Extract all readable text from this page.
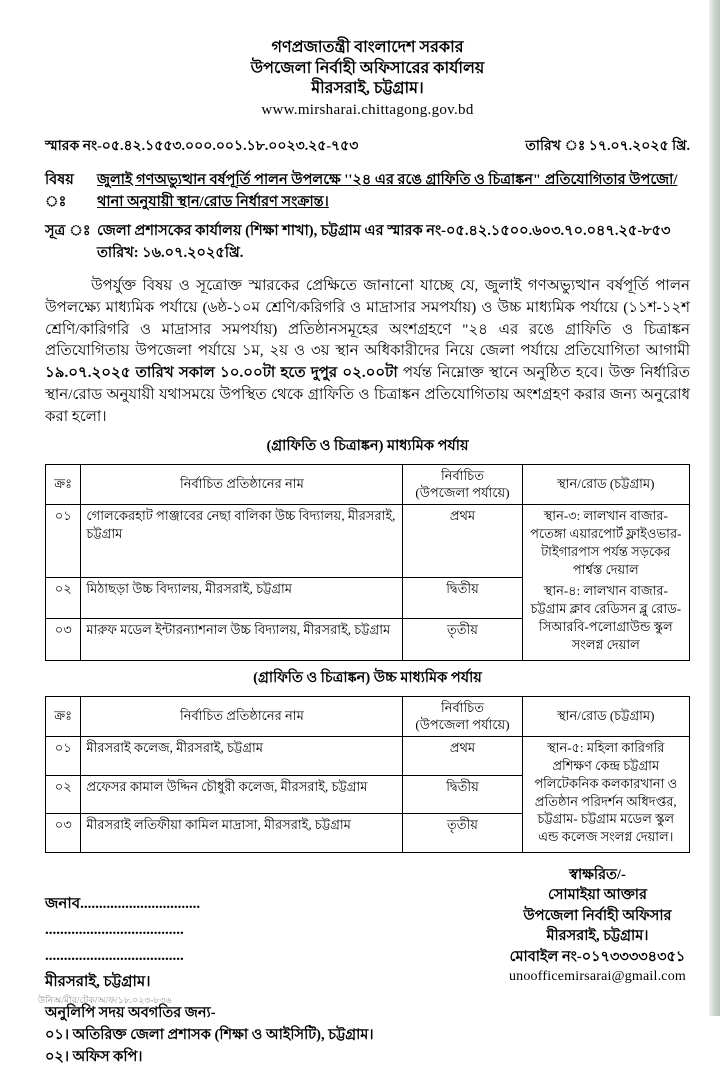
গণপ্রজাতন্ত্রী বাংলাদেশ সরকার
উপজেলা নির্বাহী অফিসারের কার্যালয়
মীরসরাই, চট্টগ্রাম।
www.mirsharai.chittagong.gov.bd
স্মারক নং-০৫.৪২.১৫৫৩.০০০.০০১.১৮.০০২৩.২৫-৭৫৩	তারিখ ঃ ১৭.০৭.২০২৫ খ্রি.
বিষয় ঃ
জুলাই গণঅভ্যুত্থান বর্ষপূর্তি পালন উপলক্ষে ''২৪ এর রঙে গ্রাফিতি ও চিত্রাঙ্কন" প্রতিযোগিতার উপজো/থানা অনুযায়ী স্থান/রোড নির্ধারণ সংক্রান্ত।
সূত্র ঃ জেলা প্রশাসকের কার্যালয় (শিক্ষা শাখা), চট্টগ্রাম এর স্মারক নং-০৫.৪২.১৫০০.৬০৩.৭০.০৪৭.২৫-৮৫৩
তারিখ: ১৬.০৭.২০২৫খ্রি.

উপর্যুক্ত বিষয় ও সূত্রোক্ত স্মারকের প্রেক্ষিতে জানানো যাচ্ছে যে, জুলাই গণঅভ্যুত্থান বর্ষপূর্তি পালন উপলক্ষ্যে মাধ্যমিক পর্যায়ে (৬ষ্ঠ-১০ম শ্রেণি/করিগরি ও মাদ্রাসার সমপর্যায়) ও উচ্চ মাধ্যমিক পর্যায়ে (১১শ-১২শ শ্রেণি/কারিগরি ও মাদ্রাসার সমপর্যায়) প্রতিষ্ঠানসমূহের অংশগ্রহণে "২৪ এর রঙে গ্রাফিতি ও চিত্রাঙ্কন প্রতিযোগিতায় উপজেলা পর্যায়ে ১ম, ২য় ও ৩য় স্থান অধিকারীদের নিয়ে জেলা পর্যায়ে প্রতিযোগিতা আগামী ১৯.০৭.২০২৫ তারিখ সকাল ১০.০০টা হতে দুপুর ০২.০০টা পর্যন্ত নিম্নোক্ত স্থানে অনুষ্ঠিত হবে। উক্ত নির্ধারিত স্থান/রোড অনুযায়ী যথাসময়ে উপস্থিত থেকে গ্রাফিতি ও চিত্রাঙ্কন প্রতিযোগিতায় অংশগ্রহণ করার জন্য অনুরোধ করা হলো।

(গ্রাফিতি ও চিত্রাঙ্কন) মাধ্যমিক পর্যায়
ক্রঃ	নির্বাচিত প্রতিষ্ঠানের নাম	নির্বাচিত
(উপজেলা পর্যায়ে)	স্থান/রোড (চট্টগ্রাম)
০১	গোলকেরহাট পাঞ্জাবের নেছা বালিকা উচ্চ বিদ্যালয়, মীরসরাই, চট্টগ্রাম	প্রথম	স্থান-৩: লালখান বাজার-পতেঙ্গা এয়ারপোর্ট ফ্লাইওভার-টাইগারপাস পর্যন্ত সড়কের পার্শ্বস্ত দেয়াল

স্থান-৪: লালখান বাজার-চট্টগ্রাম ক্লাব রেডিসন ব্লু রোড-সিআরবি-পলোগ্রাউন্ড স্কুল সংলগ্ন দেয়াল

০২	মিঠাছড়া উচ্চ বিদ্যালয়, মীরসরাই, চট্টগ্রাম	দ্বিতীয়	
০৩	মারুফ মডেল ইন্টারন্যাশনাল উচ্চ বিদ্যালয়, মীরসরাই, চট্টগ্রাম	তৃতীয়	
(গ্রাফিতি ও চিত্রাঙ্কন) উচ্চ মাধ্যমিক পর্যায়
ক্রঃ	নির্বাচিত প্রতিষ্ঠানের নাম	নির্বাচিত
(উপজেলা পর্যায়ে)	স্থান/রোড (চট্টগ্রাম)
০১	মীরসরাই কলেজ, মীরসরাই, চট্টগ্রাম	প্রথম	স্থান-৫: মহিলা কারিগরি প্রশিক্ষণ কেন্দ্র চট্টগ্রাম পলিটেকনিক কলকারখানা ও প্রতিষ্ঠান পরিদর্শন অধিদপ্তর, চট্টগ্রাম- চট্টগ্রাম মডেল স্কুল এন্ড কলেজ সংলগ্ন দেয়াল।

০২	প্রফেসর কামাল উদ্দিন চৌধুরী কলেজ, মীরসরাই, চট্টগ্রাম	দ্বিতীয়	
০৩	মীরসরাই লতিফীয়া কামিল মাদ্রাসা, মীরসরাই, চট্টগ্রাম	তৃতীয়	
জনাব................................
.....................................
.....................................
মীরসরাই, চট্টগ্রাম।
স্বাক্ষরিত/-
সোমাইয়া আক্তার
উপজেলা নির্বাহী অফিসার
মীরসরাই, চট্টগ্রাম।
মোবাইল নং-০১৭৩৩৩৩৪৩৫১
unoofficemirsarai@gmail.com
অনুলিপি সদয় অবগতির জন্য-
০১। অতিরিক্ত জেলা প্রশাসক (শিক্ষা ও আইসিটি), চট্টগ্রাম।
০২। অফিস কপি।
উনিঅ/মীর/টেক/অ/ফ/১৮.০২৩-৮৩৬
